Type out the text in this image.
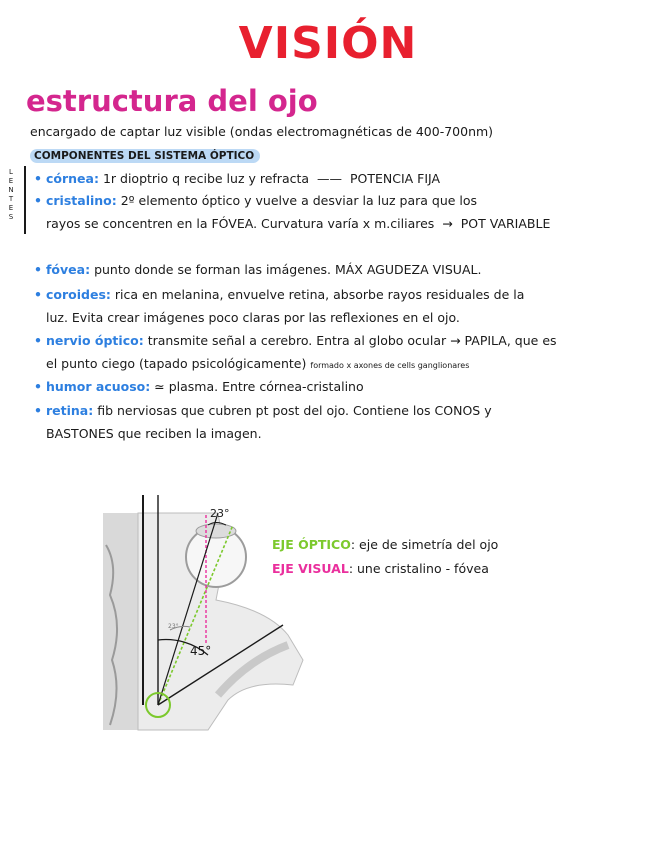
VISIÓN
estructura del ojo
encargado de captar luz visible (ondas electromagnéticas de 400-700nm)
COMPONENTES DEL SISTEMA ÓPTICO
L E N T E S
• córnea: 1r dioptrio q recibe luz y refracta  ——  POTENCIA FIJA
• cristalino: 2º elemento óptico y vuelve a desviar la luz para que los
rayos se concentren en la FÓVEA. Curvatura varía x m.ciliares  →  POT VARIABLE
• fóvea: punto donde se forman las imágenes. MÁX AGUDEZA VISUAL.
• coroides: rica en melanina, envuelve retina, absorbe rayos residuales de la
luz. Evita crear imágenes poco claras por las reflexiones en el ojo.
• nervio óptico: transmite señal a cerebro. Entra al globo ocular → PAPILA, que es
el punto ciego (tapado psicológicamente) formado x axones de cells ganglionares
• humor acuoso: ≃ plasma. Entre córnea-cristalino
• retina: fib nerviosas que cubren pt post del ojo. Contiene los CONOS y
BASTONES que reciben la imagen.
23°
45°
23°
EJE ÓPTICO: eje de simetría del ojo
EJE VISUAL: une cristalino - fóvea
